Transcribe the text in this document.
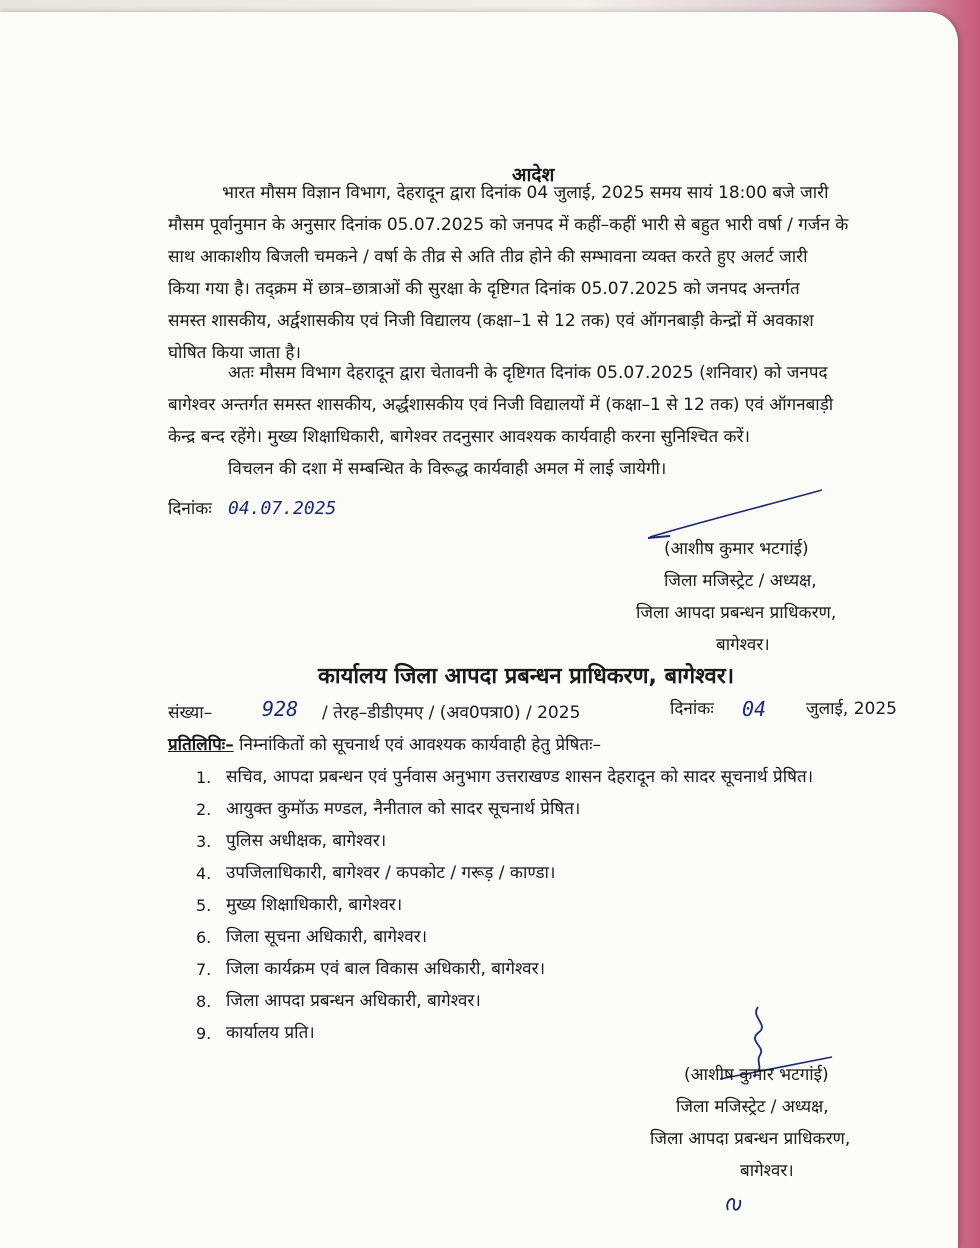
आदेश
भारत मौसम विज्ञान विभाग, देहरादून द्वारा दिनांक 04 जुलाई, 2025 समय सायं 18:00 बजे जारी
मौसम पूर्वानुमान के अनुसार दिनांक 05.07.2025 को जनपद में कहीं–कहीं भारी से बहुत भारी वर्षा / गर्जन के
साथ आकाशीय बिजली चमकने / वर्षा के तीव्र से अति तीव्र होने की सम्भावना व्यक्त करते हुए अलर्ट जारी
किया गया है। तद्क्रम में छात्र–छात्राओं की सुरक्षा के दृष्टिगत दिनांक 05.07.2025 को जनपद अन्तर्गत
समस्त शासकीय, अर्द्वशासकीय एवं निजी विद्यालय (कक्षा–1 से 12 तक) एवं ऑगनबाड़ी केन्द्रों में अवकाश
घोषित किया जाता है।
अतः मौसम विभाग देहरादून द्वारा चेतावनी के दृष्टिगत दिनांक 05.07.2025 (शनिवार) को जनपद
बागेश्वर अन्तर्गत समस्त शासकीय, अर्द्धशासकीय एवं निजी विद्यालयों में (कक्षा–1 से 12 तक) एवं ऑगनबाड़ी
केन्द्र बन्द रहेंगे। मुख्य शिक्षाधिकारी, बागेश्वर तदनुसार आवश्यक कार्यवाही करना सुनिश्चित करें।
विचलन की दशा में सम्बन्धित के विरूद्ध कार्यवाही अमल में लाई जायेगी।
दिनांकः 04.07.2025
(आशीष कुमार भटगांई)
जिला मजिस्ट्रेट / अध्यक्ष,
जिला आपदा प्रबन्धन प्राधिकरण,
बागेश्वर।
कार्यालय जिला आपदा प्रबन्धन प्राधिकरण, बागेश्वर।
संख्या– 928 / तेरह–डीडीएमए / (अव0पत्रा0) / 2025	दिनांकः 04 जुलाई, 2025
प्रतिलिपिः– निम्नांकितों को सूचनार्थ एवं आवश्यक कार्यवाही हेतु प्रेषितः–
1. सचिव, आपदा प्रबन्धन एवं पुर्नवास अनुभाग उत्तराखण्ड शासन देहरादून को सादर सूचनार्थ प्रेषित।
2. आयुक्त कुमॉऊ मण्डल, नैनीताल को सादर सूचनार्थ प्रेषित।
3. पुलिस अधीक्षक, बागेश्वर।
4. उपजिलाधिकारी, बागेश्वर / कपकोट / गरूड़ / काण्डा।
5. मुख्य शिक्षाधिकारी, बागेश्वर।
6. जिला सूचना अधिकारी, बागेश्वर।
7. जिला कार्यक्रम एवं बाल विकास अधिकारी, बागेश्वर।
8. जिला आपदा प्रबन्धन अधिकारी, बागेश्वर।
9. कार्यालय प्रति।
(आशीष कुमार भटगांई)
जिला मजिस्ट्रेट / अध्यक्ष,
जिला आपदा प्रबन्धन प्राधिकरण,
बागेश्वर।
